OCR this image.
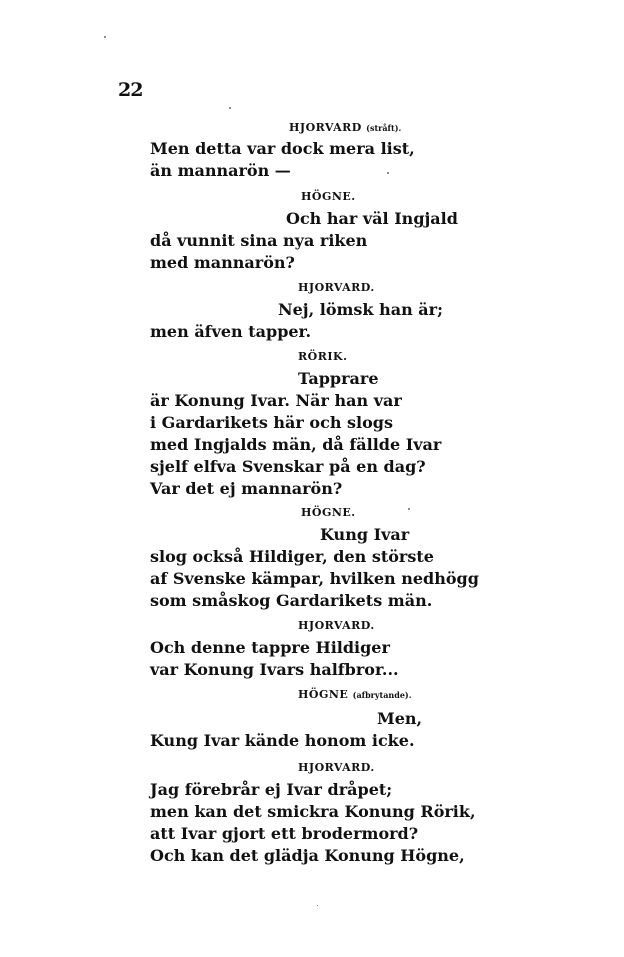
22
HJORVARD (stråft).
Men detta var dock mera list,
än mannarön —
HÖGNE.
Och har väl Ingjald
då vunnit sina nya riken
med mannarön?
HJORVARD.
Nej, lömsk han är;
men äfven tapper.
RÖRIK.
Tapprare
är Konung Ivar. När han var
i Gardarikets här och slogs
med Ingjalds män, då fällde Ivar
sjelf elfva Svenskar på en dag?
Var det ej mannarön?
HÖGNE.
Kung Ivar
slog också Hildiger, den störste
af Svenske kämpar, hvilken nedhögg
som småskog Gardarikets män.
HJORVARD.
Och denne tappre Hildiger
var Konung Ivars halfbror...
HÖGNE (afbrytande).
Men,
Kung Ivar kände honom icke.
HJORVARD.
Jag förebrår ej Ivar dråpet;
men kan det smickra Konung Rörik,
att Ivar gjort ett brodermord?
Och kan det glädja Konung Högne,
